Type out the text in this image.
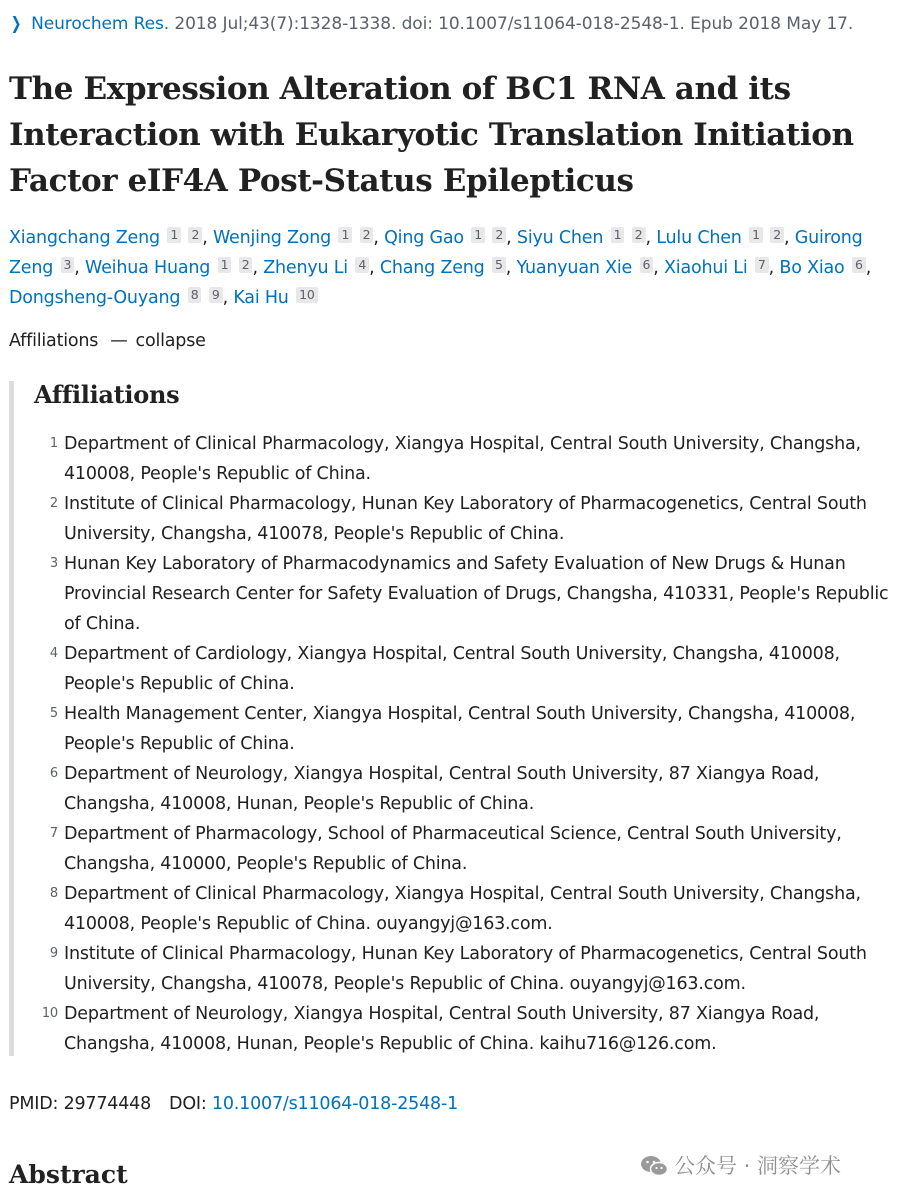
❯ Neurochem Res. 2018 Jul;43(7):1328-1338. doi: 10.1007/s11064-018-2548-1. Epub 2018 May 17.
The Expression Alteration of BC1 RNA and its Interaction with Eukaryotic Translation Initiation Factor eIF4A Post-Status Epilepticus
Xiangchang Zeng 1 2 , Wenjing Zong 1 2 , Qing Gao 1 2 , Siyu Chen 1 2 , Lulu Chen 1 2 , Guirong Zeng 3 , Weihua Huang 1 2 , Zhenyu Li 4 , Chang Zeng 5 , Yuanyuan Xie 6 , Xiaohui Li 7 , Bo Xiao 6 , Dongsheng-Ouyang 8 9 , Kai Hu 10
Affiliations — collapse
Affiliations
1 Department of Clinical Pharmacology, Xiangya Hospital, Central South University, Changsha, 410008, People's Republic of China.
2 Institute of Clinical Pharmacology, Hunan Key Laboratory of Pharmacogenetics, Central South University, Changsha, 410078, People's Republic of China.
3 Hunan Key Laboratory of Pharmacodynamics and Safety Evaluation of New Drugs & Hunan Provincial Research Center for Safety Evaluation of Drugs, Changsha, 410331, People's Republic of China.
4 Department of Cardiology, Xiangya Hospital, Central South University, Changsha, 410008, People's Republic of China.
5 Health Management Center, Xiangya Hospital, Central South University, Changsha, 410008, People's Republic of China.
6 Department of Neurology, Xiangya Hospital, Central South University, 87 Xiangya Road, Changsha, 410008, Hunan, People's Republic of China.
7 Department of Pharmacology, School of Pharmaceutical Science, Central South University, Changsha, 410000, People's Republic of China.
8 Department of Clinical Pharmacology, Xiangya Hospital, Central South University, Changsha, 410008, People's Republic of China. ouyangyj@163.com.
9 Institute of Clinical Pharmacology, Hunan Key Laboratory of Pharmacogenetics, Central South University, Changsha, 410078, People's Republic of China. ouyangyj@163.com.
10 Department of Neurology, Xiangya Hospital, Central South University, 87 Xiangya Road, Changsha, 410008, Hunan, People's Republic of China. kaihu716@126.com.
PMID: 29774448 DOI: 10.1007/s11064-018-2548-1
Abstract	公众号 · 洞察学术
